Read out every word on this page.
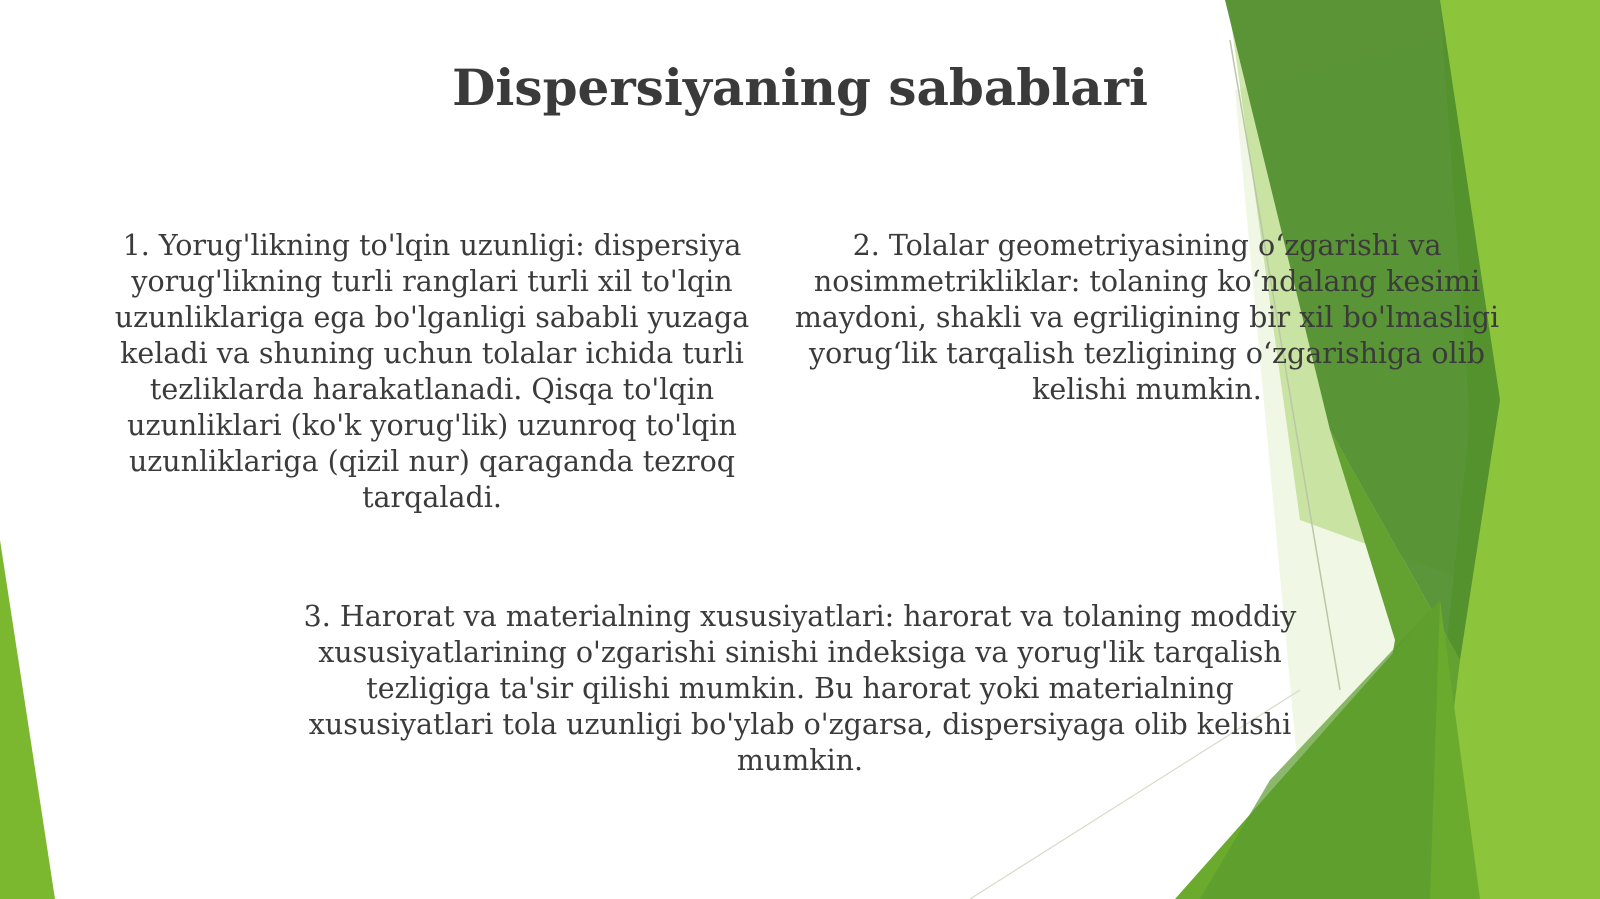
Dispersiyaning sabablari

1. Yorug'likning to'lqin uzunligi: dispersiya yorug'likning turli ranglari turli xil to'lqin uzunliklariga ega bo'lganligi sababli yuzaga keladi va shuning uchun tolalar ichida turli tezliklarda harakatlanadi. Qisqa to'lqin uzunliklari (ko'k yorug'lik) uzunroq to'lqin uzunliklariga (qizil nur) qaraganda tezroq tarqaladi.

2. Tolalar geometriyasining o‘zgarishi va nosimmetrikliklar: tolaning ko‘ndalang kesimi maydoni, shakli va egriligining bir xil bo'lmasligi yorug‘lik tarqalish tezligining o‘zgarishiga olib kelishi mumkin.

3. Harorat va materialning xususiyatlari: harorat va tolaning moddiy xususiyatlarining o'zgarishi sinishi indeksiga va yorug'lik tarqalish tezligiga ta'sir qilishi mumkin. Bu harorat yoki materialning xususiyatlari tola uzunligi bo'ylab o'zgarsa, dispersiyaga olib kelishi mumkin.
